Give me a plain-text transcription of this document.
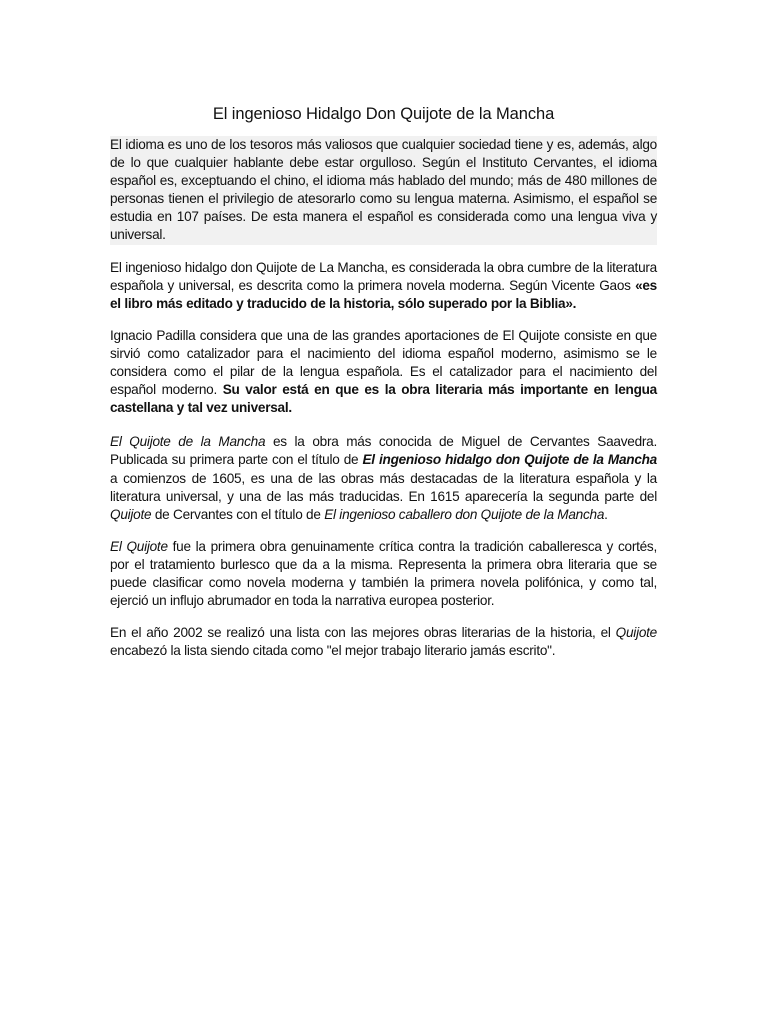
El ingenioso Hidalgo Don Quijote de la Mancha

El idioma es uno de los tesoros más valiosos que cualquier sociedad tiene y es, además, algo de lo que cualquier hablante debe estar orgulloso. Según el Instituto Cervantes, el idioma español es, exceptuando el chino, el idioma más hablado del mundo; más de 480 millones de personas tienen el privilegio de atesorarlo como su lengua materna. Asimismo, el español se estudia en 107 países. De esta manera el español es considerada como una lengua viva y universal.

El ingenioso hidalgo don Quijote de La Mancha, es considerada la obra cumbre de la literatura española y universal, es descrita como la primera novela moderna. Según Vicente Gaos «es el libro más editado y traducido de la historia, sólo superado por la Biblia».

Ignacio Padilla considera que una de las grandes aportaciones de El Quijote consiste en que sirvió como catalizador para el nacimiento del idioma español moderno, asimismo se le considera como el pilar de la lengua española. Es el catalizador para el nacimiento del español moderno. Su valor está en que es la obra literaria más importante en lengua castellana y tal vez universal.

El Quijote de la Mancha es la obra más conocida de Miguel de Cervantes Saavedra. Publicada su primera parte con el título de El ingenioso hidalgo don Quijote de la Mancha a comienzos de 1605, es una de las obras más destacadas de la literatura española y la literatura universal, y una de las más traducidas. En 1615 aparecería la segunda parte del Quijote de Cervantes con el título de El ingenioso caballero don Quijote de la Mancha.

El Quijote fue la primera obra genuinamente crítica contra la tradición caballeresca y cortés, por el tratamiento burlesco que da a la misma. Representa la primera obra literaria que se puede clasificar como novela moderna y también la primera novela polifónica, y como tal, ejerció un influjo abrumador en toda la narrativa europea posterior.

En el año 2002 se realizó una lista con las mejores obras literarias de la historia, el Quijote encabezó la lista siendo citada como "el mejor trabajo literario jamás escrito".
